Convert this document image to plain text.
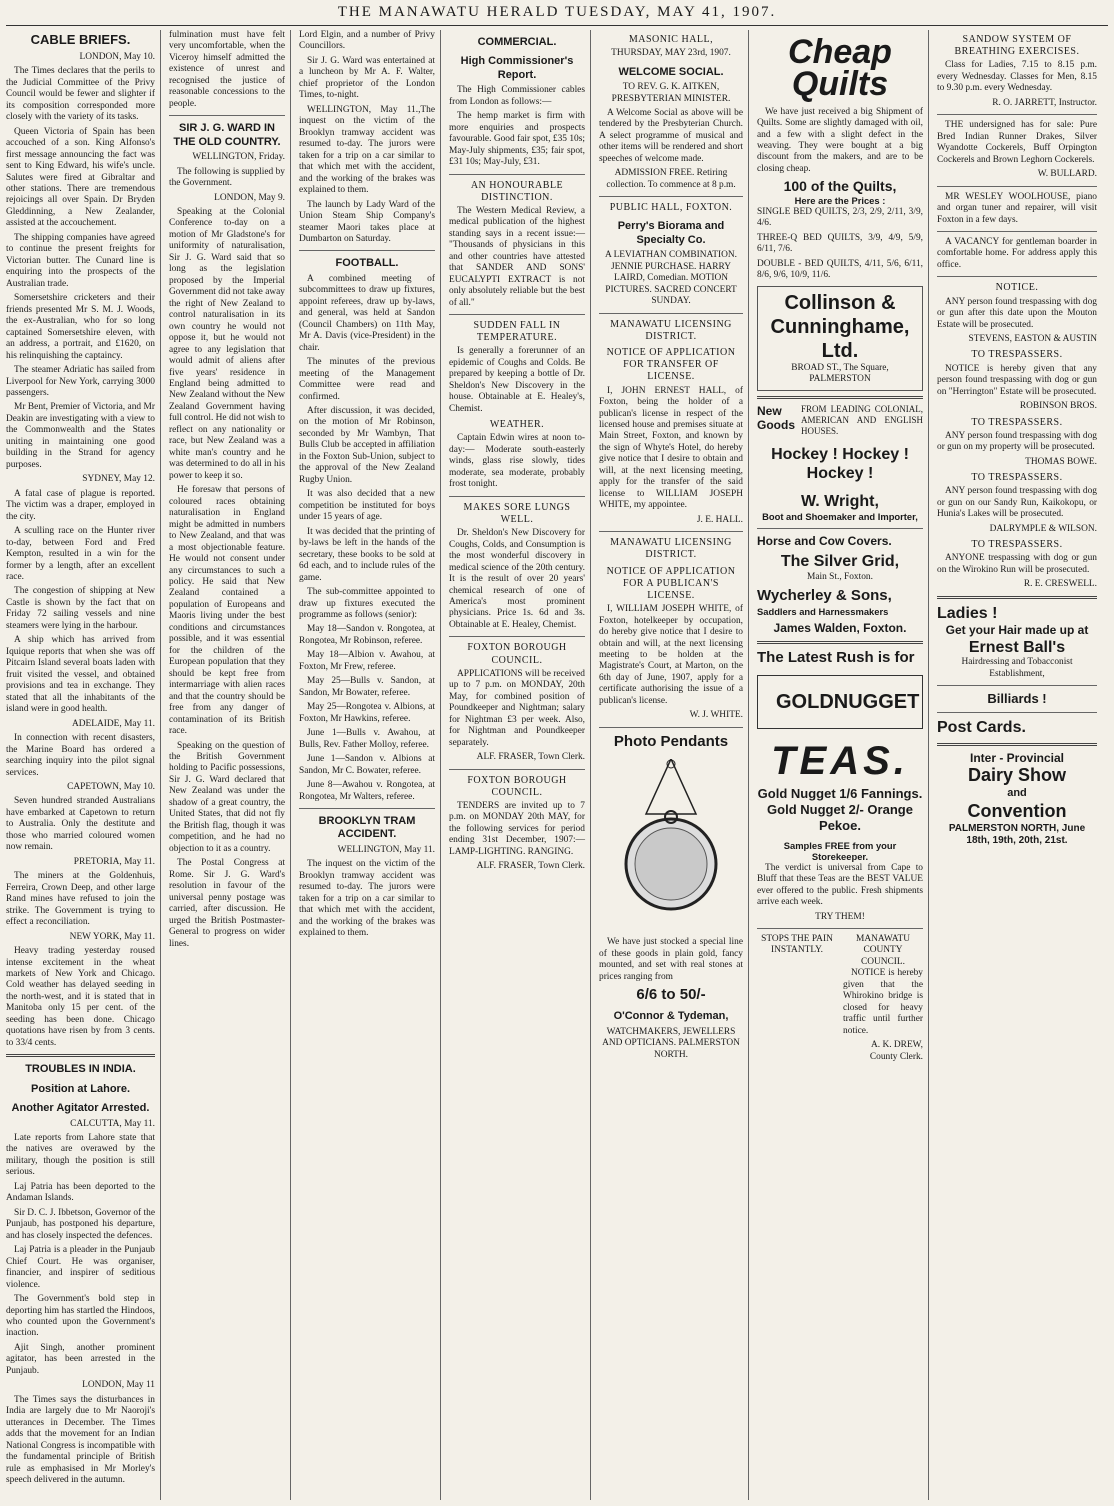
THE MANAWATU HERALD TUESDAY, MAY 41, 1907.
CABLE BRIEFS.

LONDON, May 10.

The Times declares that the perils to the Judicial Committee of the Privy Council would be fewer and slighter if its composition corresponded more closely with the variety of its tasks.

Queen Victoria of Spain has been accouched of a son. King Alfonso's first message announcing the fact was sent to King Edward, his wife's uncle. Salutes were fired at Gibraltar and other stations. There are tremendous rejoicings all over Spain. Dr Bryden Gleddinning, a New Zealander, assisted at the accouchement.

The shipping companies have agreed to continue the present freights for Victorian butter. The Cunard line is enquiring into the prospects of the Australian trade.

Somersetshire cricketers and their friends presented Mr S. M. J. Woods, the ex-Australian, who for so long captained Somersetshire eleven, with an address, a portrait, and £1620, on his relinquishing the captaincy.

The steamer Adriatic has sailed from Liverpool for New York, carrying 3000 passengers.

Mr Bent, Premier of Victoria, and Mr Deakin are investigating with a view to the Commonwealth and the States uniting in maintaining one good building in the Strand for agency purposes.

SYDNEY, May 12.

A fatal case of plague is reported. The victim was a draper, employed in the city.

A sculling race on the Hunter river to-day, between Ford and Fred Kempton, resulted in a win for the former by a length, after an excellent race.

The congestion of shipping at New Castle is shown by the fact that on Friday 72 sailing vessels and nine steamers were lying in the harbour.

A ship which has arrived from Iquique reports that when she was off Pitcairn Island several boats laden with fruit visited the vessel, and obtained provisions and tea in exchange. They stated that all the inhabitants of the island were in good health.

ADELAIDE, May 11.

In connection with recent disasters, the Marine Board has ordered a searching inquiry into the pilot signal services.

CAPETOWN, May 10.

Seven hundred stranded Australians have embarked at Capetown to return to Australia. Only the destitute and those who married coloured women now remain.

PRETORIA, May 11.

The miners at the Goldenhuis, Ferreira, Crown Deep, and other large Rand mines have refused to join the strike. The Government is trying to effect a reconciliation.

NEW YORK, May 11.

Heavy trading yesterday roused intense excitement in the wheat markets of New York and Chicago. Cold weather has delayed seeding in the north-west, and it is stated that in Manitoba only 15 per cent. of the seeding has been done. Chicago quotations have risen by from 3 cents. to 33/4 cents.

TROUBLES IN INDIA.
Position at Lahore.
Another Agitator Arrested.

CALCUTTA, May 11.

Late reports from Lahore state that the natives are overawed by the military, though the position is still serious.

Laj Patria has been deported to the Andaman Islands.

Sir D. C. J. Ibbetson, Governor of the Punjaub, has postponed his departure, and has closely inspected the defences.

Laj Patria is a pleader in the Punjaub Chief Court. He was organiser, financier, and inspirer of seditious violence.

The Government's bold step in deporting him has startled the Hindoos, who counted upon the Government's inaction.

Ajit Singh, another prominent agitator, has been arrested in the Punjaub.

LONDON, May 11

The Times says the disturbances in India are largely due to Mr Naoroji's utterances in December. The Times adds that the movement for an Indian National Congress is incompatible with the fundamental principle of British rule as emphasised in Mr Morley's speech delivered in the autumn.

fulmination must have felt very uncomfortable, when the Viceroy himself admitted the existence of unrest and recognised the justice of reasonable concessions to the people.

SIR J. G. WARD IN THE OLD COUNTRY.

WELLINGTON, Friday.

The following is supplied by the Government.

LONDON, May 9.

Speaking at the Colonial Conference to-day on a motion of Mr Gladstone's for uniformity of naturalisation, Sir J. G. Ward said that so long as the legislation proposed by the Imperial Government did not take away the right of New Zealand to control naturalisation in its own country he would not oppose it, but he would not agree to any legislation that would admit of aliens after five years' residence in England being admitted to New Zealand without the New Zealand Government having full control. He did not wish to reflect on any nationality or race, but New Zealand was a white man's country and he was determined to do all in his power to keep it so.

He foresaw that persons of coloured races obtaining naturalisation in England might be admitted in numbers to New Zealand, and that was a most objectionable feature. He would not consent under any circumstances to such a policy. He said that New Zealand contained a population of Europeans and Maoris living under the best conditions and circumstances possible, and it was essential for the children of the European population that they should be kept free from intermarriage with alien races and that the country should be free from any danger of contamination of its British race.

Speaking on the question of the British Government holding to Pacific possessions, Sir J. G. Ward declared that New Zealand was under the shadow of a great country, the United States, that did not fly the British flag, though it was competition, and he had no objection to it as a country.

The Postal Congress at Rome. Sir J. G. Ward's resolution in favour of the universal penny postage was carried, after discussion. He urged the British Postmaster-General to progress on wider lines.

Lord Elgin, and a number of Privy Councillors.

Sir J. G. Ward was entertained at a luncheon by Mr A. F. Walter, chief proprietor of the London Times, to-night.

WELLINGTON, May 11.,The inquest on the victim of the Brooklyn tramway accident was resumed to-day. The jurors were taken for a trip on a car similar to that which met with the accident, and the working of the brakes was explained to them.

The launch by Lady Ward of the Union Steam Ship Company's steamer Maori takes place at Dumbarton on Saturday.

FOOTBALL.

A combined meeting of subcommittees to draw up fixtures, appoint referees, draw up by-laws, and general, was held at Sandon (Council Chambers) on 11th May, Mr A. Davis (vice-President) in the chair.

The minutes of the previous meeting of the Management Committee were read and confirmed.

After discussion, it was decided, on the motion of Mr Robinson, seconded by Mr Wambyn, That Bulls Club be accepted in affiliation in the Foxton Sub-Union, subject to the approval of the New Zealand Rugby Union.

It was also decided that a new competition be instituted for boys under 15 years of age.

It was decided that the printing of by-laws be left in the hands of the secretary, these books to be sold at 6d each, and to include rules of the game.

The sub-committee appointed to draw up fixtures executed the programme as follows (senior):

May 18—Sandon v. Rongotea, at Rongotea, Mr Robinson, referee.

May 18—Albion v. Awahou, at Foxton, Mr Frew, referee.

May 25—Bulls v. Sandon, at Sandon, Mr Bowater, referee.

May 25—Rongotea v. Albions, at Foxton, Mr Hawkins, referee.

June 1—Bulls v. Awahou, at Bulls, Rev. Father Molloy, referee.

June 1—Sandon v. Albions at Sandon, Mr C. Bowater, referee.

June 8—Awahou v. Rongotea, at Rongotea, Mr Walters, referee.

BROOKLYN TRAM ACCIDENT.

WELLINGTON, May 11.

The inquest on the victim of the Brooklyn tramway accident was resumed to-day. The jurors were taken for a trip on a car similar to that which met with the accident, and the working of the brakes was explained to them.

COMMERCIAL.
High Commissioner's Report.

The High Commissioner cables from London as follows:—

The hemp market is firm with more enquiries and prospects favourable. Good fair spot, £35 10s; May-July shipments, £35; fair spot, £31 10s; May-July, £31.

AN HONOURABLE DISTINCTION.

The Western Medical Review, a medical publication of the highest standing says in a recent issue:— "Thousands of physicians in this and other countries have attested that SANDER AND SONS' EUCALYPTI EXTRACT is not only absolutely reliable but the best of all."

SUDDEN FALL IN TEMPERATURE.

Is generally a forerunner of an epidemic of Coughs and Colds. Be prepared by keeping a bottle of Dr. Sheldon's New Discovery in the house. Obtainable at E. Healey's, Chemist.

WEATHER.

Captain Edwin wires at noon to-day:— Moderate south-easterly winds, glass rise slowly, tides moderate, sea moderate, probably frost tonight.

MAKES SORE LUNGS WELL.

Dr. Sheldon's New Discovery for Coughs, Colds, and Consumption is the most wonderful discovery in medical science of the 20th century. It is the result of over 20 years' chemical research of one of America's most prominent physicians. Price 1s. 6d and 3s. Obtainable at E. Healey, Chemist.

FOXTON BOROUGH COUNCIL.

APPLICATIONS will be received up to 7 p.m. on MONDAY, 20th May, for combined position of Poundkeeper and Nightman; salary for Nightman £3 per week. Also, for Nightman and Poundkeeper separately.

ALF. FRASER, Town Clerk.

FOXTON BOROUGH COUNCIL.

TENDERS are invited up to 7 p.m. on MONDAY 20th MAY, for the following services for period ending 31st December, 1907:— LAMP-LIGHTING. RANGING.

ALF. FRASER, Town Clerk.

MASONIC HALL,

THURSDAY, MAY 23rd, 1907.

WELCOME SOCIAL.

TO REV. G. K. AITKEN, PRESBYTERIAN MINISTER.

A Welcome Social as above will be tendered by the Presbyterian Church. A select programme of musical and other items will be rendered and short speeches of welcome made.

ADMISSION FREE. Retiring collection. To commence at 8 p.m.

PUBLIC HALL, FOXTON.
Perry's Biorama and Specialty Co.

A LEVIATHAN COMBINATION. JENNIE PURCHASE. HARRY LAIRD, Comedian. MOTION PICTURES. SACRED CONCERT SUNDAY.

MANAWATU LICENSING DISTRICT.
NOTICE OF APPLICATION FOR TRANSFER OF LICENSE.

I, JOHN ERNEST HALL, of Foxton, being the holder of a publican's license in respect of the licensed house and premises situate at Main Street, Foxton, and known by the sign of Whyte's Hotel, do hereby give notice that I desire to obtain and will, at the next licensing meeting, apply for the transfer of the said license to WILLIAM JOSEPH WHITE, my appointee.

J. E. HALL.

MANAWATU LICENSING DISTRICT.
NOTICE OF APPLICATION FOR A PUBLICAN'S LICENSE.

I, WILLIAM JOSEPH WHITE, of Foxton, hotelkeeper by occupation, do hereby give notice that I desire to obtain and will, at the next licensing meeting to be holden at the Magistrate's Court, at Marton, on the 6th day of June, 1907, apply for a certificate authorising the issue of a publican's license.

W. J. WHITE.

Photo Pendants

We have just stocked a special line of these goods in plain gold, fancy mounted, and set with real stones at prices ranging from

6/6 to 50/-
O'Connor & Tydeman,

WATCHMAKERS, JEWELLERS AND OPTICIANS. PALMERSTON NORTH.

Cheap
Quilts

We have just received a big Shipment of Quilts. Some are slightly damaged with oil, and a few with a slight defect in the weaving. They were bought at a big discount from the makers, and are to be closing cheap.

100 of the Quilts,
Here are the Prices :

SINGLE BED QUILTS, 2/3, 2/9, 2/11, 3/9, 4/6.

THREE-Q BED QUILTS, 3/9, 4/9, 5/9, 6/11, 7/6.

DOUBLE - BED QUILTS, 4/11, 5/6, 6/11, 8/6, 9/6, 10/9, 11/6.

Collinson & Cunninghame, Ltd.
BROAD ST., The Square, PALMERSTON
New Goods
FROM LEADING COLONIAL, AMERICAN AND ENGLISH HOUSES.
Hockey ! Hockey ! Hockey !
W. Wright,
Boot and Shoemaker and Importer,
Horse and Cow Covers.
The Silver Grid,
Main St., Foxton.
Wycherley & Sons,
Saddlers and Harnessmakers
James Walden, Foxton.
The Latest Rush is for
GOLD NUGGET
TEAS.
Gold Nugget 1/6 Fannings.
Gold Nugget 2/- Orange Pekoe.
Samples FREE from your Storekeeper.

The verdict is universal from Cape to Bluff that these Teas are the BEST VALUE ever offered to the public. Fresh shipments arrive each week.

TRY THEM!
STOPS THE PAIN INSTANTLY.
MANAWATU COUNTY COUNCIL.

NOTICE is hereby given that the Whirokino bridge is closed for heavy traffic until further notice.

A. K. DREW, County Clerk.

SANDOW SYSTEM OF BREATHING EXERCISES.

Class for Ladies, 7.15 to 8.15 p.m. every Wednesday. Classes for Men, 8.15 to 9.30 p.m. every Wednesday.

R. O. JARRETT, Instructor.

THE undersigned has for sale: Pure Bred Indian Runner Drakes, Silver Wyandotte Cockerels, Buff Orpington Cockerels and Brown Leghorn Cockerels.

W. BULLARD.

MR WESLEY WOOLHOUSE, piano and organ tuner and repairer, will visit Foxton in a few days.

A VACANCY for gentleman boarder in comfortable home. For address apply this office.

NOTICE.

ANY person found trespassing with dog or gun after this date upon the Mouton Estate will be prosecuted.

STEVENS, EASTON & AUSTIN

TO TRESPASSERS.

NOTICE is hereby given that any person found trespassing with dog or gun on "Herrington" Estate will be prosecuted.

ROBINSON BROS.

TO TRESPASSERS.

ANY person found trespassing with dog or gun on my property will be prosecuted.

THOMAS BOWE.

TO TRESPASSERS.

ANY person found trespassing with dog or gun on our Sandy Run, Kaikokopu, or Hunia's Lakes will be prosecuted.

DALRYMPLE & WILSON.

TO TRESPASSERS.

ANYONE trespassing with dog or gun on the Wirokino Run will be prosecuted.

R. E. CRESWELL.

Ladies !
Get your Hair made up at
Ernest Ball's
Hairdressing and Tobacconist Establishment,
Billiards !
Post Cards.
Inter - Provincial
Dairy Show
and
Convention
PALMERSTON NORTH, June 18th, 19th, 20th, 21st.
